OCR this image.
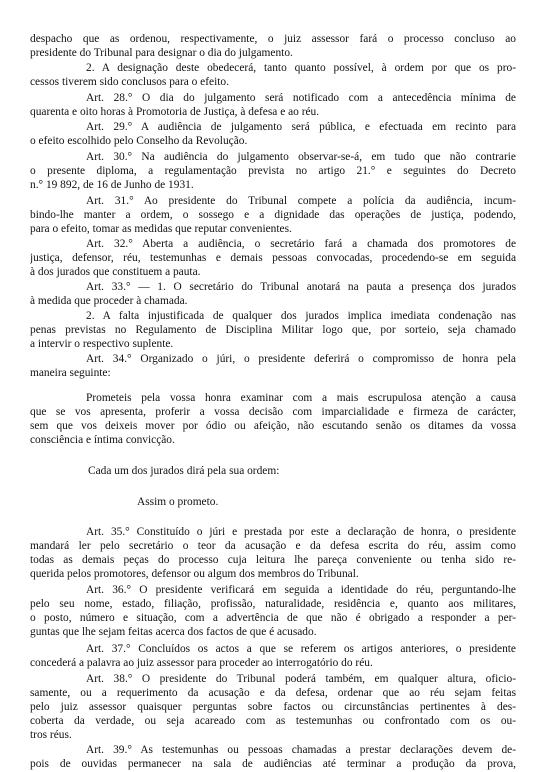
despacho que as ordenou, respectivamente, o juiz assessor fará o processo concluso ao
presidente do Tribunal para designar o dia do julgamento.
2. A designação deste obedecerá, tanto quanto possível, à ordem por que os pro-
cessos tiverem sido conclusos para o efeito.
Art. 28.° O dia do julgamento será notificado com a antecedência mínima de
quarenta e oito horas à Promotoria de Justiça, à defesa e ao réu.
Art. 29.° A audiência de julgamento será pública, e efectuada em recinto para
o efeito escolhido pelo Conselho da Revolução.
Art. 30.° Na audiência do julgamento observar-se-á, em tudo que não contrarie
o presente diploma, a regulamentação prevista no artigo 21.° e seguintes do Decreto
n.° 19 892, de 16 de Junho de 1931.
Art. 31.° Ao presidente do Tribunal compete a polícia da audiência, incum-
bindo-lhe manter a ordem, o sossego e a dignidade das operações de justiça, podendo,
para o efeito, tomar as medidas que reputar convenientes.
Art. 32.° Aberta a audiência, o secretário fará a chamada dos promotores de
justiça, defensor, réu, testemunhas e demais pessoas convocadas, procedendo-se em seguida
à dos jurados que constituem a pauta.
Art. 33.° — 1. O secretário do Tribunal anotará na pauta a presença dos jurados
à medida que proceder à chamada.
2. A falta injustificada de qualquer dos jurados implica imediata condenação nas
penas previstas no Regulamento de Disciplina Militar logo que, por sorteio, seja chamado
a intervir o respectivo suplente.
Art. 34.° Organizado o júri, o presidente deferirá o compromisso de honra pela
maneira seguinte:
Prometeis pela vossa honra examinar com a mais escrupulosa atenção a causa
que se vos apresenta, proferir a vossa decisão com imparcialidade e firmeza de carácter,
sem que vos deixeis mover por ódio ou afeição, não escutando senão os ditames da vossa
consciência e íntima convicção.
Cada um dos jurados dirá pela sua ordem:
Assim o prometo.
Art. 35.° Constituído o júri e prestada por este a declaração de honra, o presidente
mandará ler pelo secretário o teor da acusação e da defesa escrita do réu, assim como
todas as demais peças do processo cuja leitura lhe pareça conveniente ou tenha sido re-
querida pelos promotores, defensor ou algum dos membros do Tribunal.
Art. 36.° O presidente verificará em seguida a identidade do réu, perguntando-lhe
pelo seu nome, estado, filiação, profissão, naturalidade, residência e, quanto aos militares,
o posto, número e situação, com a advertência de que não é obrigado a responder a per-
guntas que lhe sejam feitas acerca dos factos de que é acusado.
Art. 37.° Concluídos os actos a que se referem os artigos anteriores, o presidente
concederá a palavra ao juiz assessor para proceder ao interrogatório do réu.
Art. 38.° O presidente do Tribunal poderá também, em qualquer altura, oficio-
samente, ou a requerimento da acusação e da defesa, ordenar que ao réu sejam feitas
pelo juiz assessor quaisquer perguntas sobre factos ou circunstâncias pertinentes à des-
coberta da verdade, ou seja acareado com as testemunhas ou confrontado com os ou-
tros réus.
Art. 39.° As testemunhas ou pessoas chamadas a prestar declarações devem de-
pois de ouvidas permanecer na sala de audiências até terminar a produção da prova,
